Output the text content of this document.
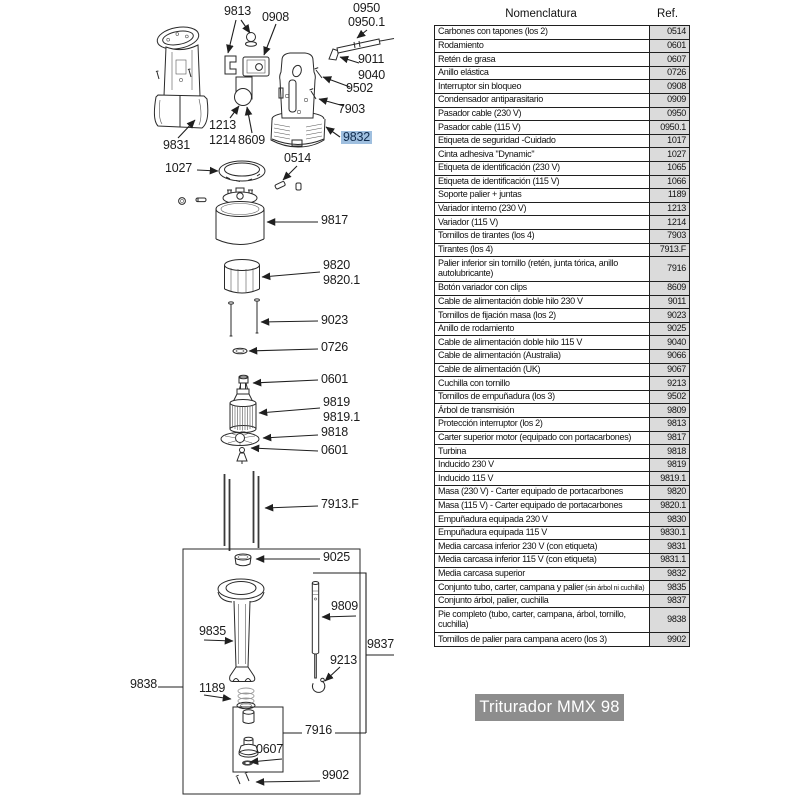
9813 0908
0950
0950.1
9011
9040
9502
7903
9831
1213
1214 8609	9832
1027
0514
9817
9820
9820.1
9023
0726
0601
9819
9819.1
9818
0601
7913.F
9025
9809
9835
9837
9213
9838	1189
7916
0607
9902
Nomenclatura	Ref.
Carbones con tapones (los 2)	0514
Rodamiento	0601
Retén de grasa	0607
Anillo elástica	0726
Interruptor sin bloqueo	0908
Condensador antiparasitario	0909
Pasador cable (230 V)	0950
Pasador cable (115 V)	0950.1
Etiqueta de seguridad -Cuidado	1017
Cinta adhesiva "Dynamic"	1027
Etiqueta de identificación (230 V)	1065
Etiqueta de identificación (115 V)	1066
Soporte palier + juntas	1189
Variador interno (230 V)	1213
Variador (115 V)	1214
Tornillos de tirantes (los 4)	7903
Tirantes (los 4)	7913.F
Palier inferior sin tornillo (retén, junta tórica, anillo autolubricante)	7916
Botón variador con clips	8609
Cable de alimentación doble hilo 230 V	9011
Tornillos de fijación masa (los 2)	9023
Anillo de rodamiento	9025
Cable de alimentación doble hilo 115 V	9040
Cable de alimentación (Australia)	9066
Cable de alimentación (UK)	9067
Cuchilla con tornillo	9213
Tornillos de empuñadura (los 3)	9502
Árbol de transmisión	9809
Protección interruptor (los 2)	9813
Carter superior motor (equipado con portacarbones)	9817
Turbina	9818
Inducido 230 V	9819
Inducido 115 V	9819.1
Masa (230 V) - Carter equipado de portacarbones	9820
Masa (115 V) - Carter equipado de portacarbones	9820.1
Empuñadura equipada 230 V	9830
Empuñadura equipada 115 V	9830.1
Media carcasa inferior 230 V (con etiqueta)	9831
Media carcasa inferior 115 V (con etiqueta)	9831.1
Media carcasa superior	9832
Conjunto tubo, carter, campana y palier (sin árbol ni cuchilla)	9835
Conjunto árbol, palier, cuchilla	9837
Pie completo (tubo, carter, campana, árbol, tornillo, cuchilla)	9838
Tornillos de palier para campana acero (los 3)	9902
Triturador MMX 98
